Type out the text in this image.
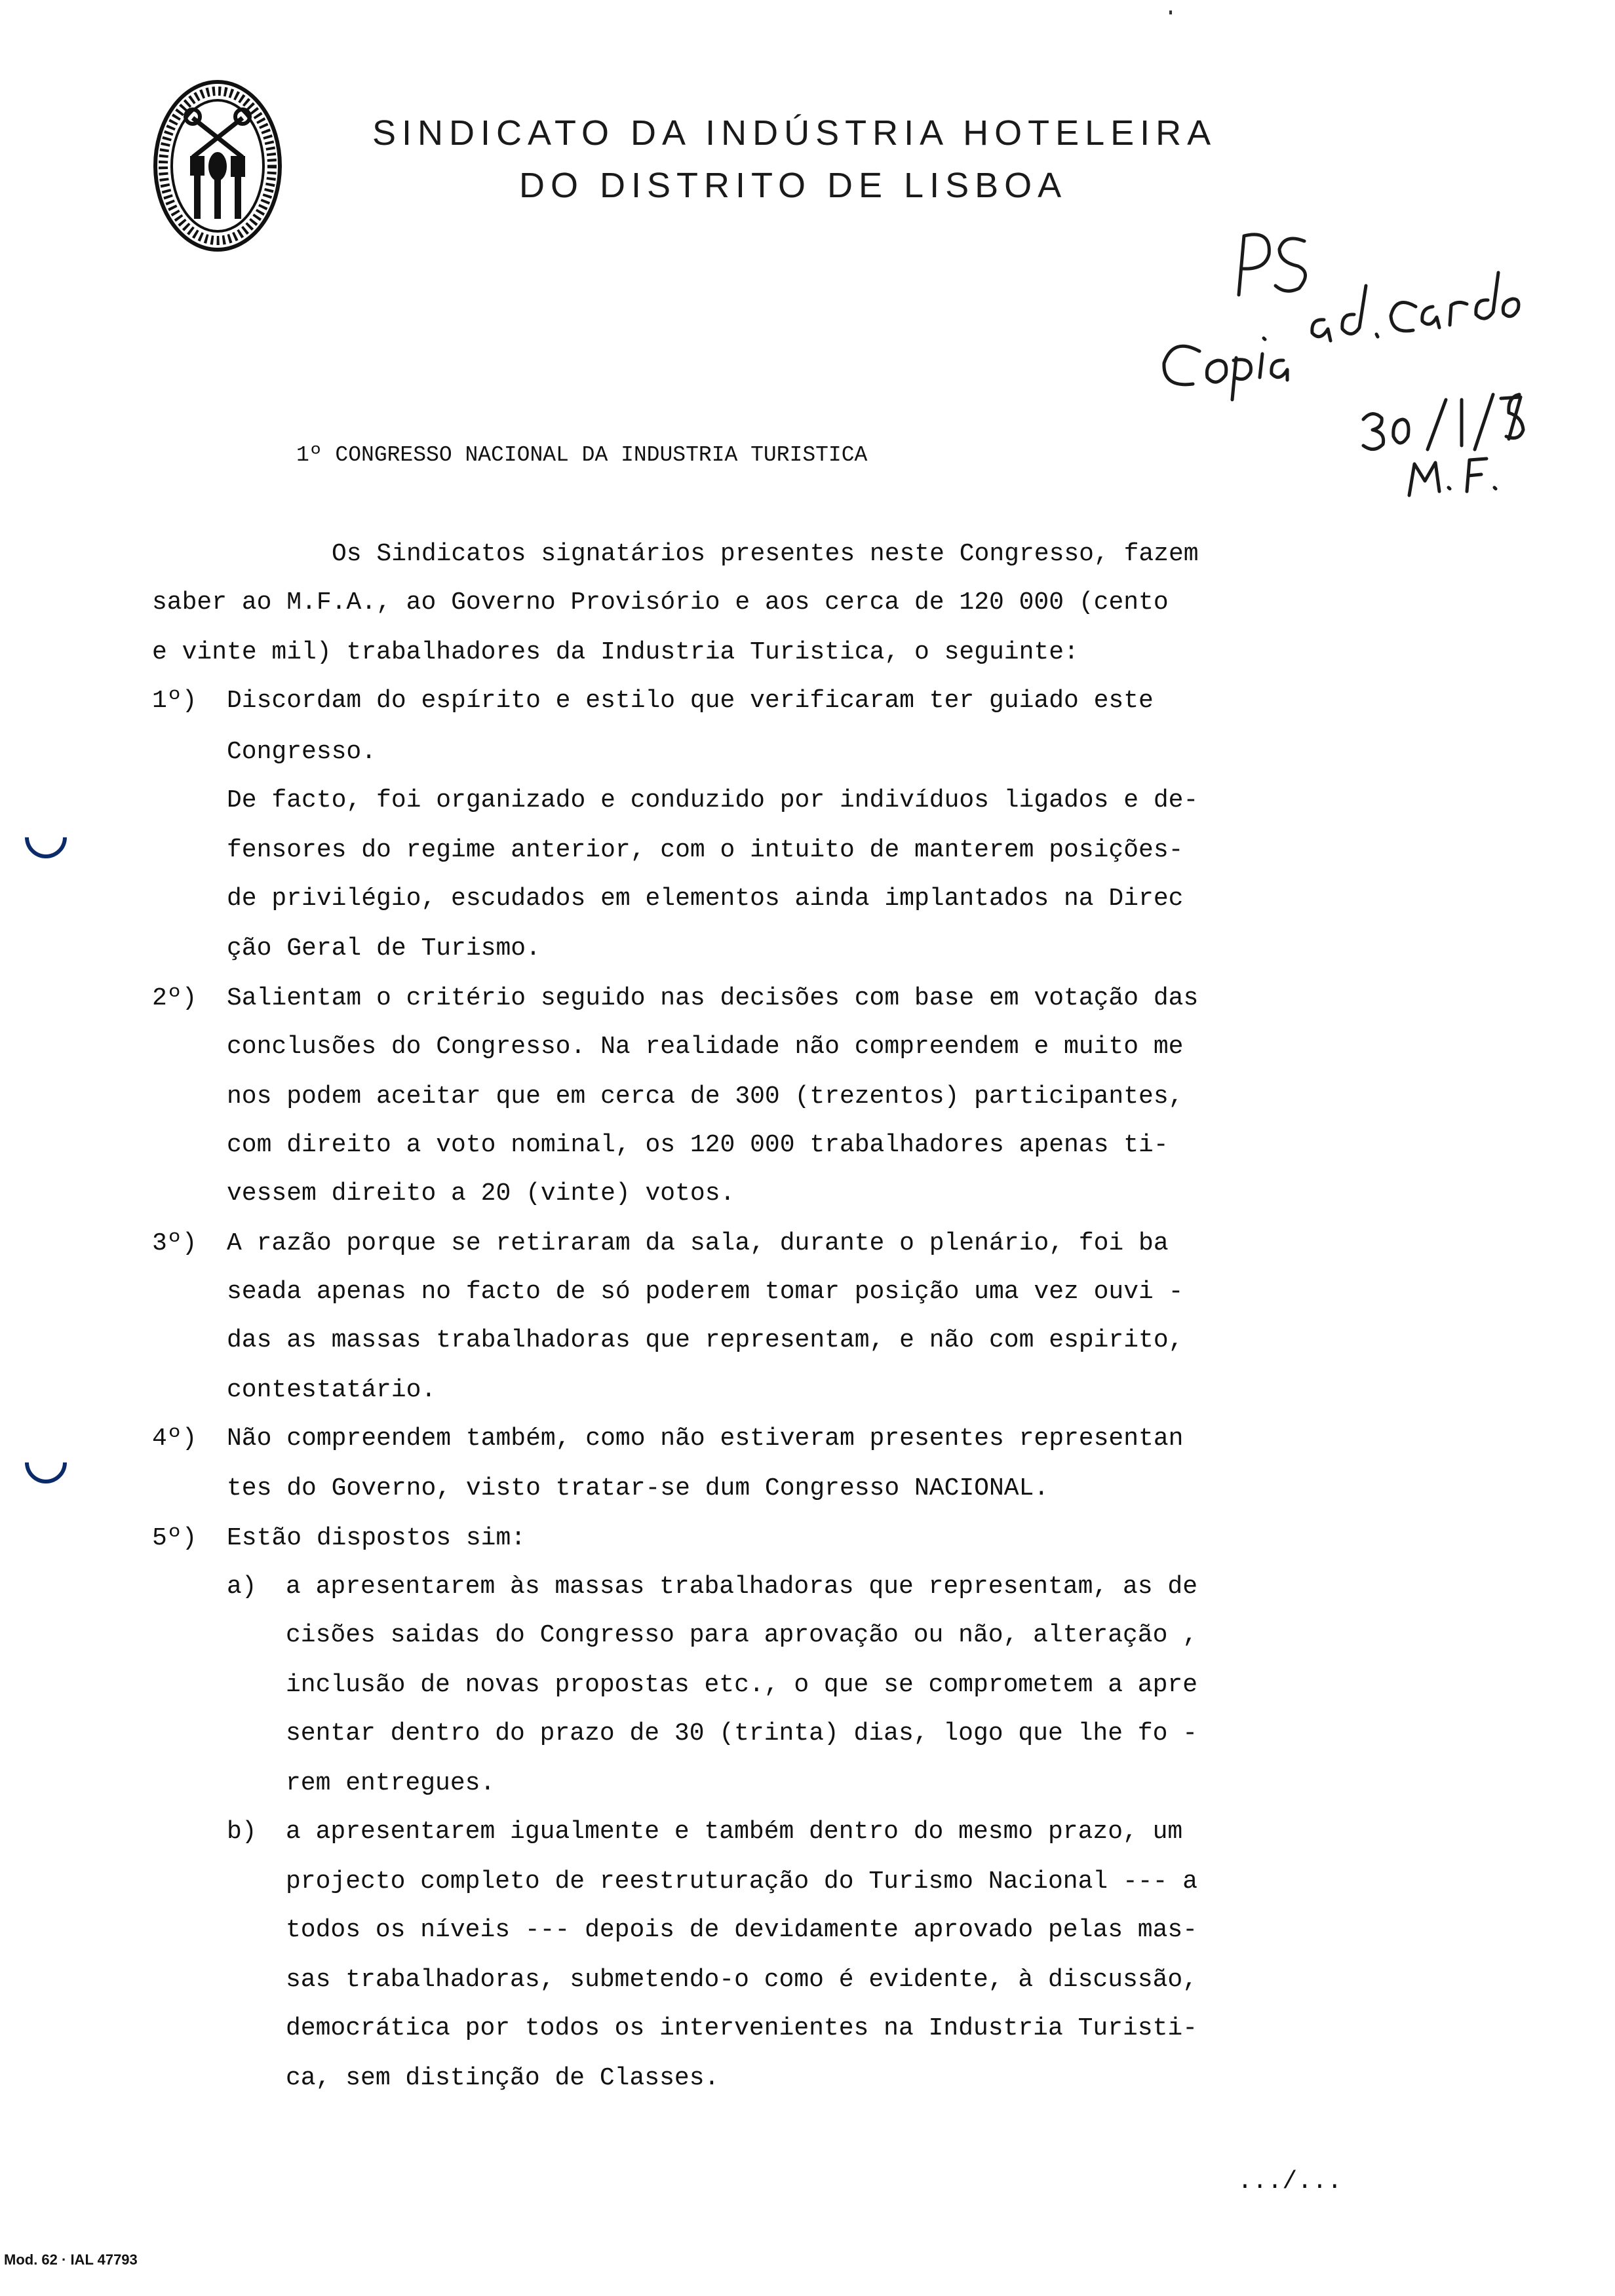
SINDICATO DA INDÚSTRIA HOTELEIRA
DO DISTRITO DE LISBOA
1º CONGRESSO NACIONAL DA INDUSTRIA TURISTICA
Os Sindicatos signatários presentes neste Congresso, fazem
saber ao M.F.A., ao Governo Provisório e aos cerca de 120 000 (cento
e vinte mil) trabalhadores da Industria Turistica, o seguinte:
1º) Discordam do espírito e estilo que verificaram ter guiado este
Congresso.
De facto, foi organizado e conduzido por indivíduos ligados e de-
fensores do regime anterior, com o intuito de manterem posições-
de privilégio, escudados em elementos ainda implantados na Direc
ção Geral de Turismo.
2º) Salientam o critério seguido nas decisões com base em votação das
conclusões do Congresso. Na realidade não compreendem e muito me
nos podem aceitar que em cerca de 300 (trezentos) participantes,
com direito a voto nominal, os 120 000 trabalhadores apenas ti-
vessem direito a 20 (vinte) votos.
3º) A razão porque se retiraram da sala, durante o plenário, foi ba
seada apenas no facto de só poderem tomar posição uma vez ouvi -
das as massas trabalhadoras que representam, e não com espirito,
contestatário.
4º) Não compreendem também, como não estiveram presentes representan
tes do Governo, visto tratar-se dum Congresso NACIONAL.
5º) Estão dispostos sim:
a) a apresentarem às massas trabalhadoras que representam, as de
cisões saidas do Congresso para aprovação ou não, alteração ,
inclusão de novas propostas etc., o que se comprometem a apre
sentar dentro do prazo de 30 (trinta) dias, logo que lhe fo -
rem entregues.
b) a apresentarem igualmente e também dentro do mesmo prazo, um
projecto completo de reestruturação do Turismo Nacional --- a
todos os níveis --- depois de devidamente aprovado pelas mas-
sas trabalhadoras, submetendo-o como é evidente, à discussão,
democrática por todos os intervenientes na Industria Turisti-
ca, sem distinção de Classes.
.../...
Mod. 62 · IAL 47793
